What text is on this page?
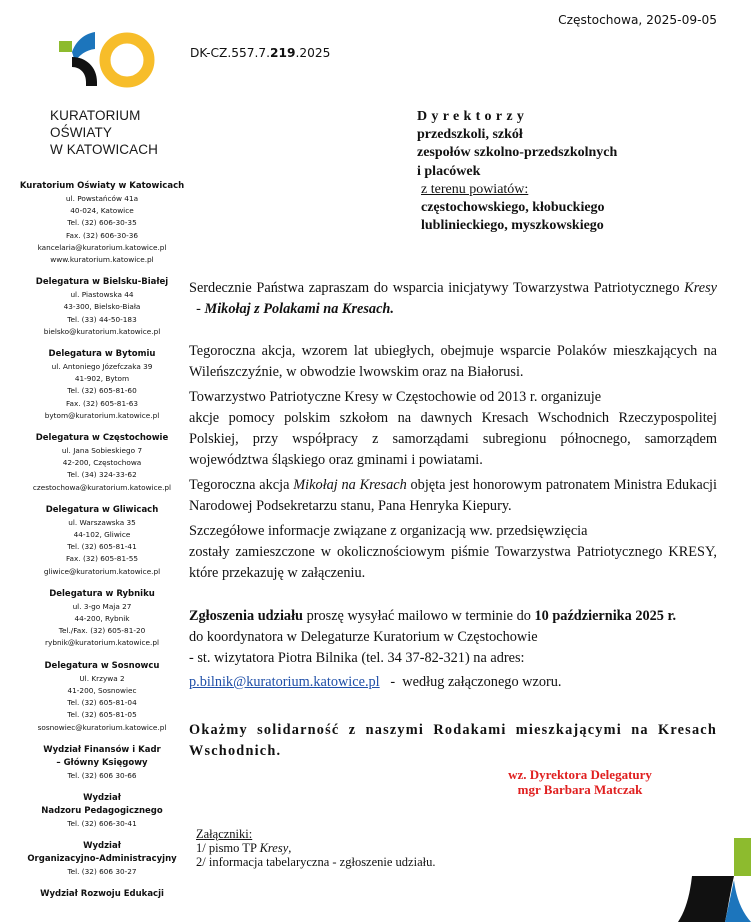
KURATORIUM
OŚWIATY
W KATOWICACH
Kuratorium Oświaty w Katowicach
ul. Powstańców 41a
40-024, Katowice
Tel. (32) 606-30-35
Fax. (32) 606-30-36
kancelaria@kuratorium.katowice.pl
www.kuratorium.katowice.pl
Delegatura w Bielsku-Białej
ul. Piastowska 44
43-300, Bielsko-Biała
Tel. (33) 44-50-183
bielsko@kuratorium.katowice.pl
Delegatura w Bytomiu
ul. Antoniego Józefczaka 39
41-902, Bytom
Tel. (32) 605-81-60
Fax. (32) 605-81-63
bytom@kuratorium.katowice.pl
Delegatura w Częstochowie
ul. Jana Sobieskiego 7
42-200, Częstochowa
Tel. (34) 324-33-62
czestochowa@kuratorium.katowice.pl
Delegatura w Gliwicach
ul. Warszawska 35
44-102, Gliwice
Tel. (32) 605-81-41
Fax. (32) 605-81-55
gliwice@kuratorium.katowice.pl
Delegatura w Rybniku
ul. 3-go Maja 27
44-200, Rybnik
Tel./Fax. (32) 605-81-20
rybnik@kuratorium.katowice.pl
Delegatura w Sosnowcu
Ul. Krzywa 2
41-200, Sosnowiec
Tel. (32) 605-81-04
Tel. (32) 605-81-05
sosnowiec@kuratorium.katowice.pl
Wydział Finansów i Kadr
– Główny Księgowy
Tel. (32) 606 30-66
Wydział
Nadzoru Pedagogicznego
Tel. (32) 606-30-41
Wydział
Organizacyjno-Administracyjny
Tel. (32) 606 30-27
Wydział Rozwoju Edukacji
Częstochowa, 2025-09-05
DK-CZ.557.7.219.2025
Dyrektorzy
przedszkoli, szkół
zespołów szkolno-przedszkolnych
i placówek
z terenu powiatów:
częstochowskiego, kłobuckiego
lublinieckiego, myszkowskiego

Serdecznie Państwa zapraszam do wsparcia inicjatywy Towarzystwa Patriotycznego Kresy  - Mikołaj z Polakami na Kresach.

Tegoroczna akcja, wzorem lat ubiegłych, obejmuje wsparcie Polaków mieszkających na Wileńszczyźnie, w obwodzie lwowskim oraz na Białorusi.

Towarzystwo Patriotyczne Kresy w Częstochowie od 2013 r. organizuje

akcje pomocy polskim szkołom na dawnych Kresach Wschodnich Rzeczypospolitej Polskiej, przy współpracy z samorządami subregionu północnego, samorządem województwa śląskiego oraz gminami i powiatami.

Tegoroczna akcja Mikołaj na Kresach objęta jest honorowym patronatem Ministra Edukacji Narodowej Podsekretarzu stanu, Pana Henryka Kiepury.

Szczegółowe informacje związane z organizacją ww. przedsięwzięcia

zostały zamieszczone w okolicznościowym piśmie Towarzystwa Patriotycznego KRESY, które przekazuję w załączeniu.

Zgłoszenia udziału proszę wysyłać mailowo w terminie do 10 października 2025 r.

do koordynatora w Delegaturze Kuratorium w Częstochowie

- st. wizytatora Piotra Bilnika (tel. 34 37-82-321) na adres:

p.bilnik@kuratorium.katowice.pl   -  według załączonego wzoru.

Okażmy solidarność z naszymi Rodakami mieszkającymi na Kresach Wschodnich.
wz. Dyrektora Delegatury
mgr Barbara Matczak
Załączniki:
1/ pismo TP Kresy,
2/ informacja tabelaryczna - zgłoszenie udziału.
